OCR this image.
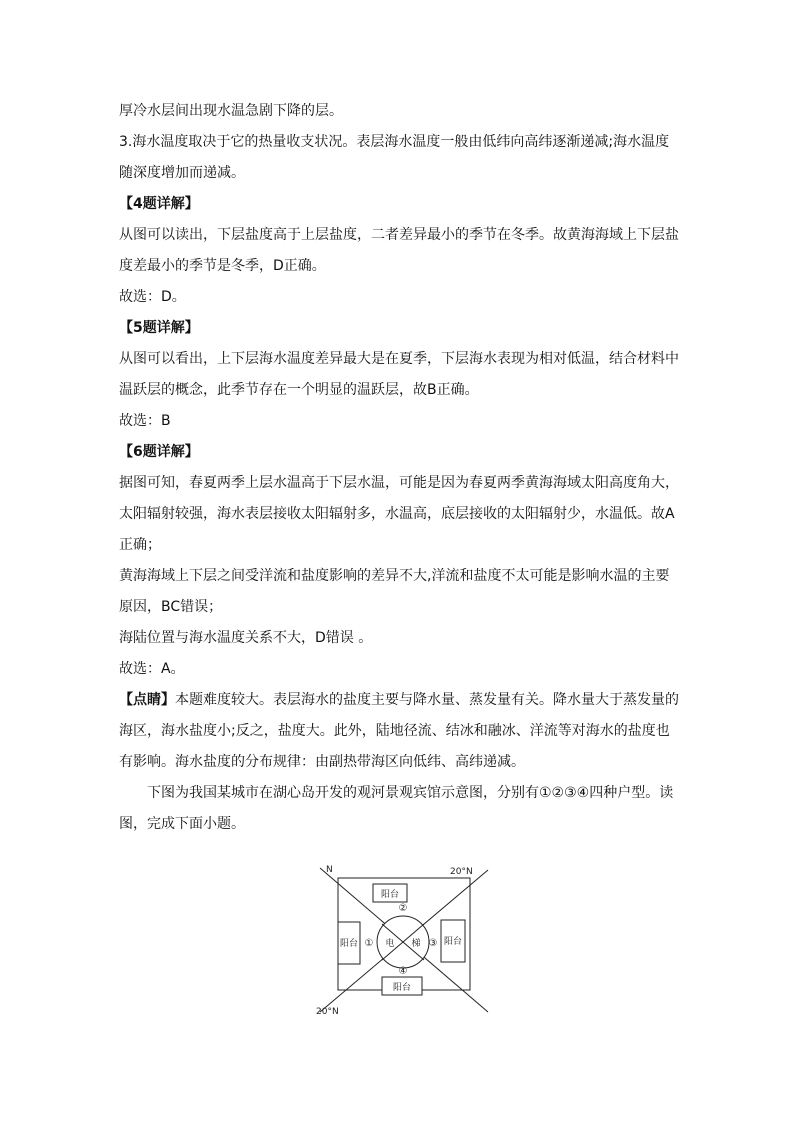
厚冷水层间出现水温急剧下降的层。

3.海水温度取决于它的热量收支状况。表层海水温度一般由低纬向高纬逐渐递减;海水温度

随深度增加而递减。

【4题详解】

从图可以读出，下层盐度高于上层盐度，二者差异最小的季节在冬季。故黄海海域上下层盐

度差最小的季节是冬季，D正确。

故选：D。

【5题详解】

从图可以看出，上下层海水温度差异最大是在夏季，下层海水表现为相对低温，结合材料中

温跃层的概念，此季节存在一个明显的温跃层，故B正确。

故选：B

【6题详解】

据图可知，春夏两季上层水温高于下层水温，可能是因为春夏两季黄海海域太阳高度角大，

太阳辐射较强，海水表层接收太阳辐射多，水温高，底层接收的太阳辐射少，水温低。故A

正确；

黄海海域上下层之间受洋流和盐度影响的差异不大,洋流和盐度不太可能是影响水温的主要

原因，BC错误；

海陆位置与海水温度关系不大，D错误 。

故选：A。

【点睛】本题难度较大。表层海水的盐度主要与降水量、蒸发量有关。降水量大于蒸发量的

海区，海水盐度小;反之，盐度大。此外，陆地径流、结冰和融冰、洋流等对海水的盐度也

有影响。海水盐度的分布规律：由副热带海区向低纬、高纬递减。

下图为我国某城市在湖心岛开发的观河景观宾馆示意图，分别有①②③④四种户型。读

图，完成下面小题。

N	20°N
20°N
阳台
阳台
阳台	阳台
电 梯
①
②
③
④
